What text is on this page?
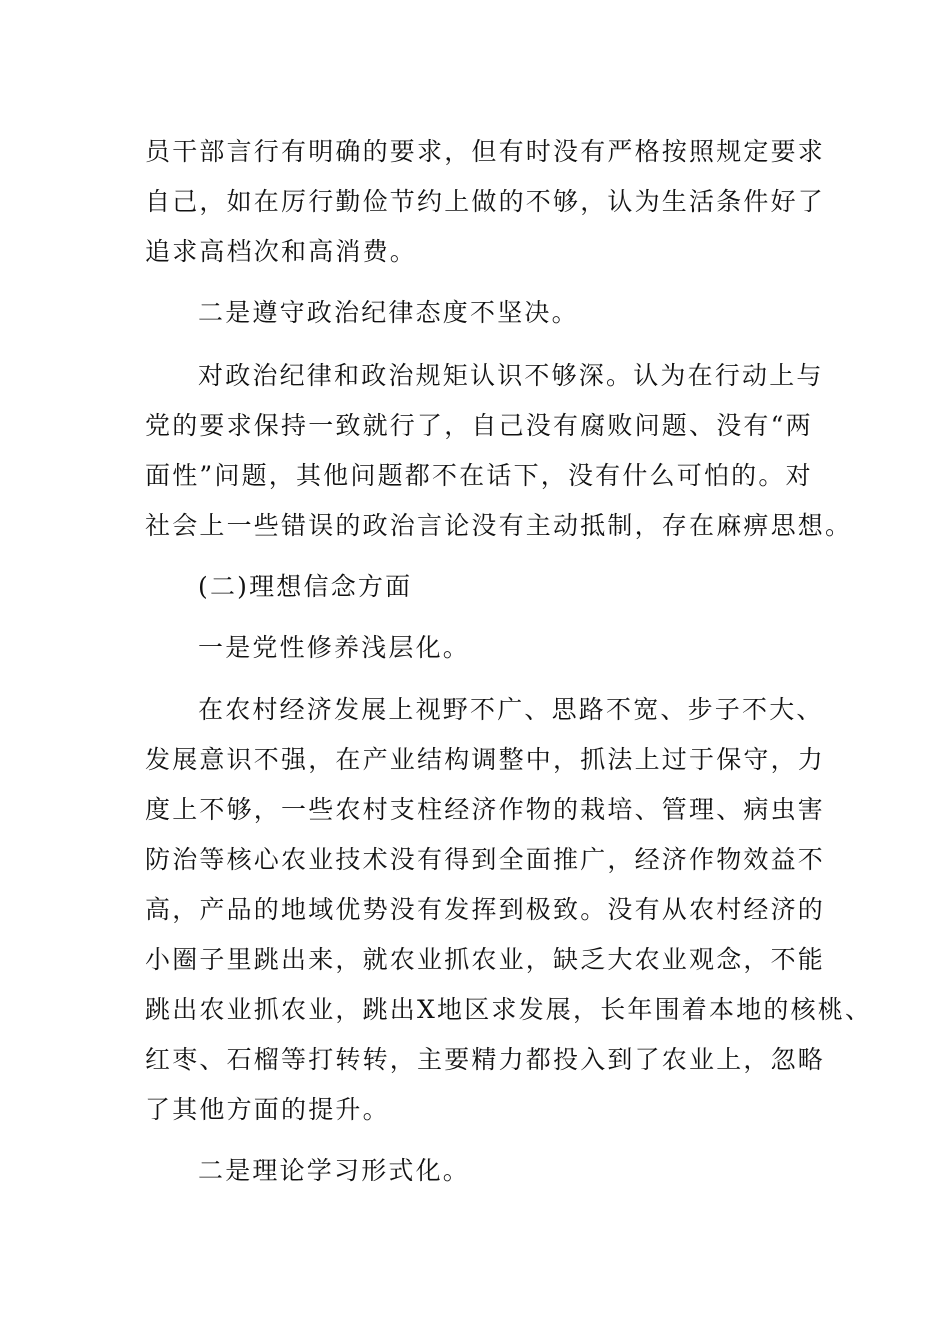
员干部言行有明确的要求，但有时没有严格按照规定要求
自己，如在厉行勤俭节约上做的不够，认为生活条件好了
追求高档次和高消费。
二是遵守政治纪律态度不坚决。
对政治纪律和政治规矩认识不够深。认为在行动上与
党的要求保持一致就行了，自己没有腐败问题、没有“两
面性”问题，其他问题都不在话下，没有什么可怕的。对
社会上一些错误的政治言论没有主动抵制，存在麻痹思想。
(二)理想信念方面
一是党性修养浅层化。
在农村经济发展上视野不广、思路不宽、步子不大、
发展意识不强，在产业结构调整中，抓法上过于保守，力
度上不够，一些农村支柱经济作物的栽培、管理、病虫害
防治等核心农业技术没有得到全面推广，经济作物效益不
高，产品的地域优势没有发挥到极致。没有从农村经济的
小圈子里跳出来，就农业抓农业，缺乏大农业观念，不能
跳出农业抓农业，跳出X地区求发展，长年围着本地的核桃、
红枣、石榴等打转转，主要精力都投入到了农业上，忽略
了其他方面的提升。
二是理论学习形式化。
